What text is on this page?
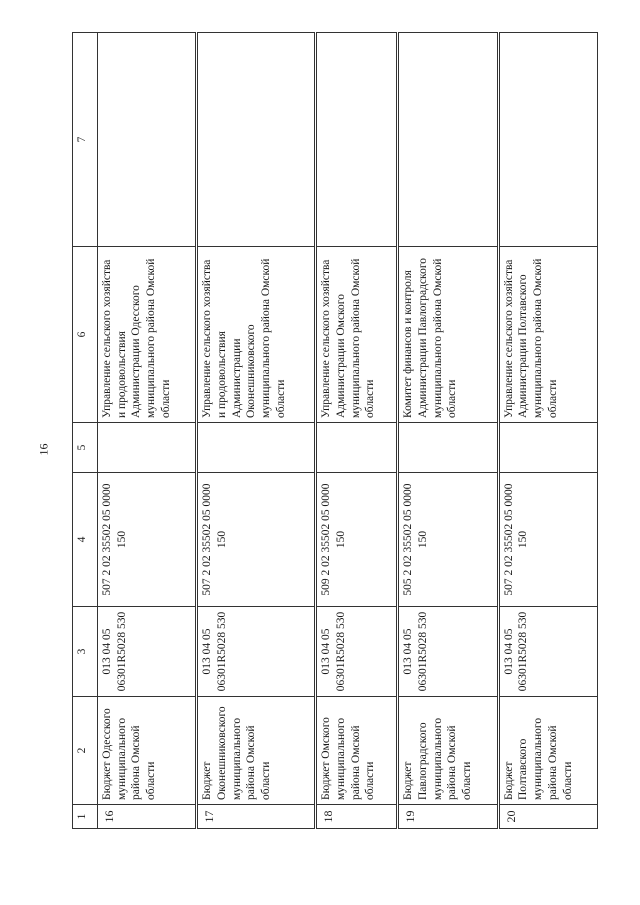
16
1	2	3	4	5	6	7
16	Бюджет Одесского муниципального района Омской области	013 04 05 06301R5028 530	507 2 02 35502 05 0000 150		Управление сельского хозяйства и продовольствия Администрации Одесского муниципального района Омской области	
17	Бюджет Оконешниковского муниципального района Омской области	013 04 05 06301R5028 530	507 2 02 35502 05 0000 150		Управление сельского хозяйства и продовольствия Администрации Оконешниковского муниципального района Омской области	
18	Бюджет Омского муниципального района Омской области	013 04 05 06301R5028 530	509 2 02 35502 05 0000 150		Управление сельского хозяйства Администрации Омского муниципального района Омской области	
19	Бюджет Павлоградского муниципального района Омской области	013 04 05 06301R5028 530	505 2 02 35502 05 0000 150		Комитет финансов и контроля Администрации Павлоградского муниципального района Омской области	
20	Бюджет Полтавского муниципального района Омской области	013 04 05 06301R5028 530	507 2 02 35502 05 0000 150		Управление сельского хозяйства Администрации Полтавского муниципального района Омской области	
